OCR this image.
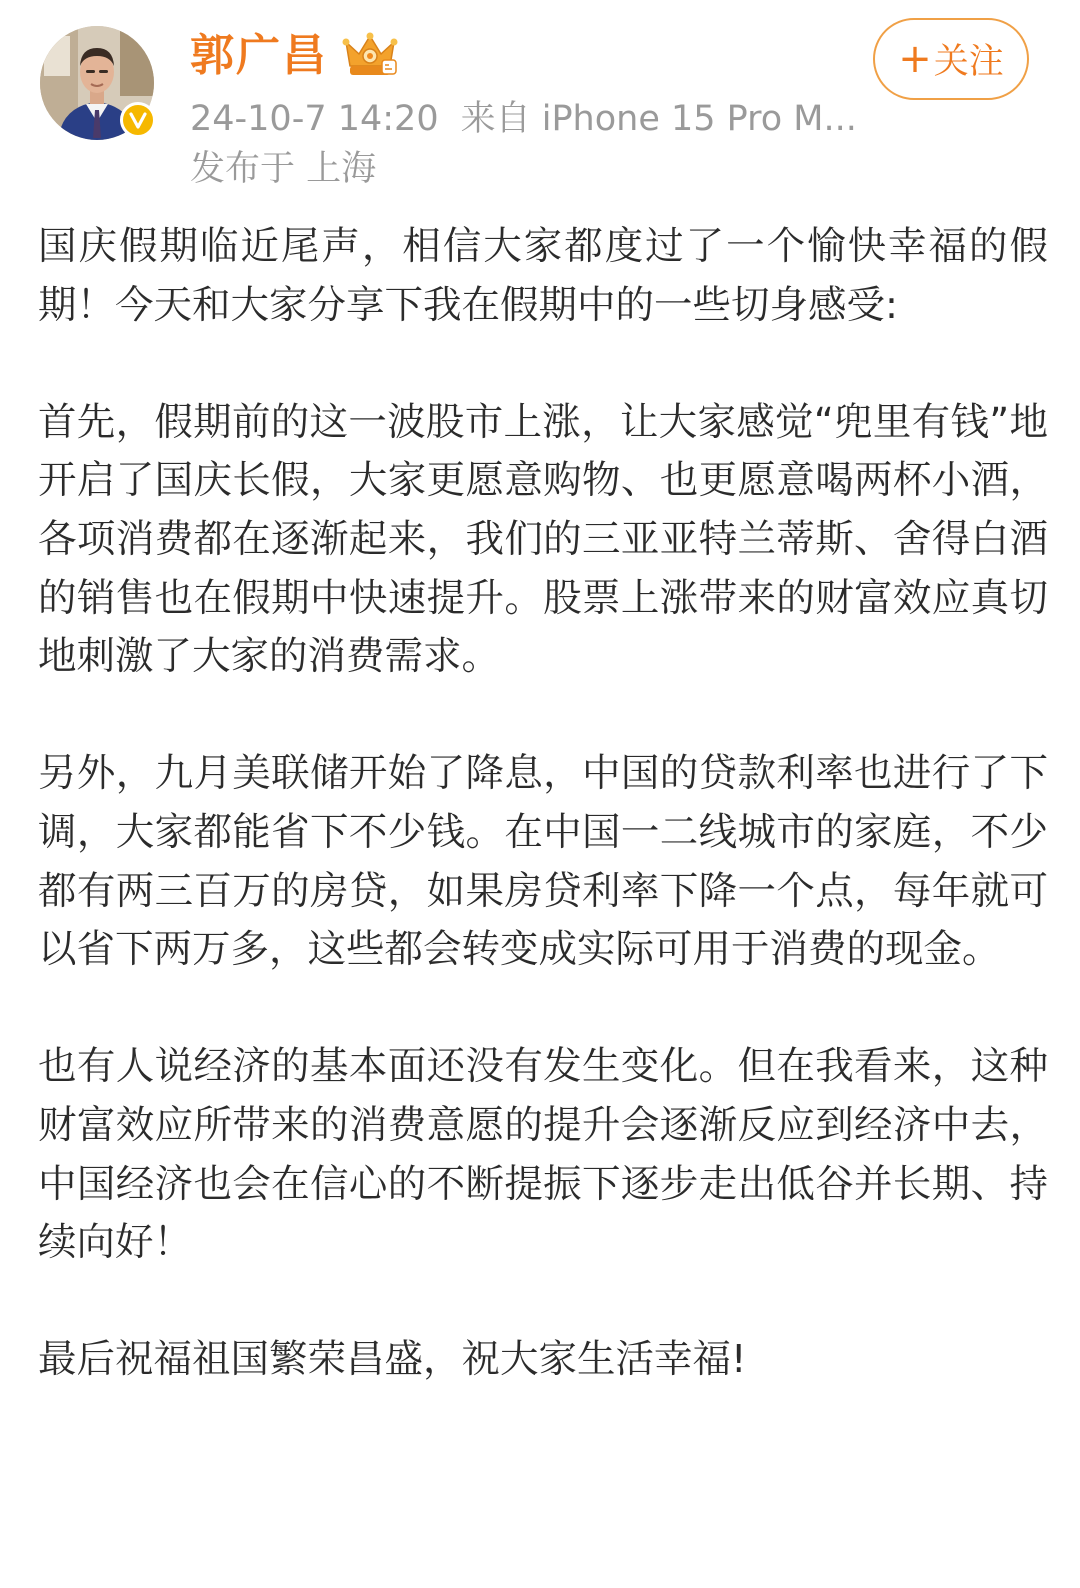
郭广昌
24-10-7 14:20 来自 iPhone 15 Pro M...
发布于 上海
+ 关注

国庆假期临近尾声，相信大家都度过了一个愉快幸福的假期！今天和大家分享下我在假期中的一些切身感受:

首先，假期前的这一波股市上涨，让大家感觉“兜里有钱”地开启了国庆长假，大家更愿意购物、也更愿意喝两杯小酒，各项消费都在逐渐起来，我们的三亚亚特兰蒂斯、舍得白酒的销售也在假期中快速提升。股票上涨带来的财富效应真切地刺激了大家的消费需求。

另外，九月美联储开始了降息，中国的贷款利率也进行了下调，大家都能省下不少钱。在中国一二线城市的家庭，不少都有两三百万的房贷，如果房贷利率下降一个点，每年就可以省下两万多，这些都会转变成实际可用于消费的现金。

也有人说经济的基本面还没有发生变化。但在我看来，这种财富效应所带来的消费意愿的提升会逐渐反应到经济中去，中国经济也会在信心的不断提振下逐步走出低谷并长期、持续向好！

最后祝福祖国繁荣昌盛，祝大家生活幸福!
